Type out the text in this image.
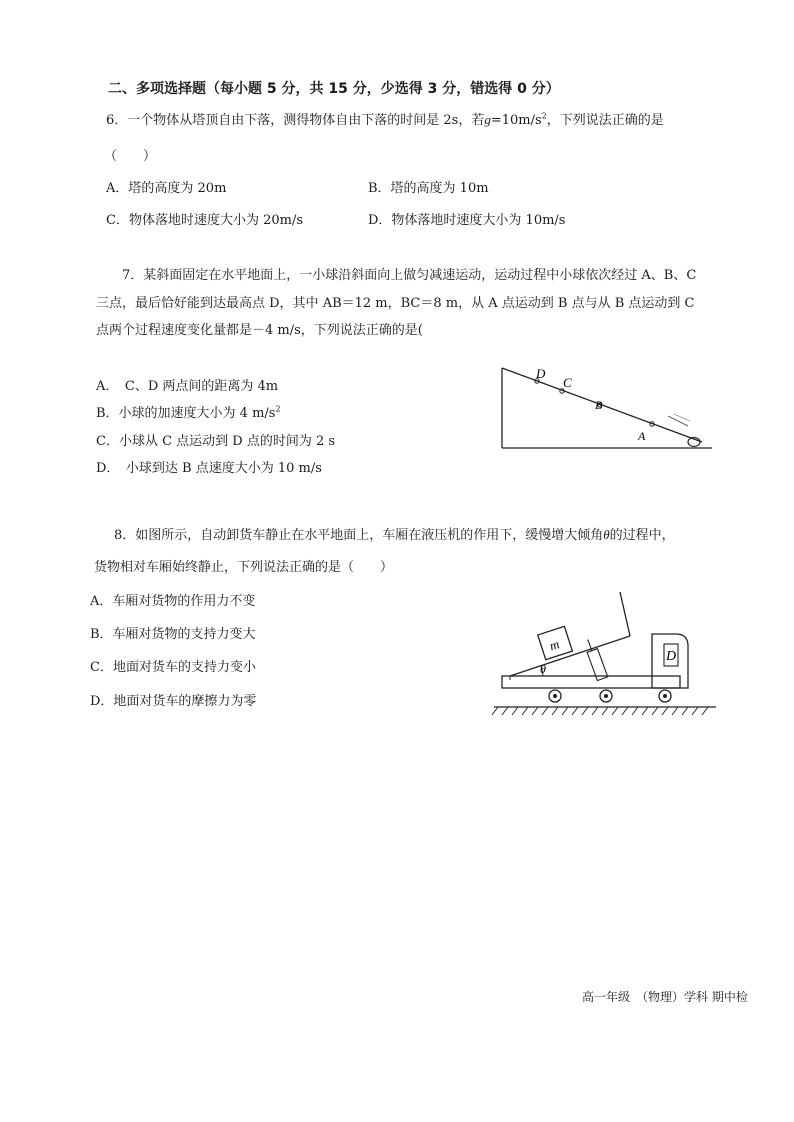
二、多项选择题（每小题 5 分，共 15 分，少选得 3 分，错选得 0 分）
6．一个物体从塔顶自由下落，测得物体自由下落的时间是 2s，若$g=10m/s^2$，下列说法正确的是
（　　）
A．塔的高度为 20m	B．塔的高度为 10m
C．物体落地时速度大小为 20m/s	D．物体落地时速度大小为 10m/s
7．某斜面固定在水平地面上，一小球沿斜面向上做匀减速运动，运动过程中小球依次经过 A、B、C
三点，最后恰好能到达最高点 D，其中 AB＝12 m，BC＝8 m，从 A 点运动到 B 点与从 B 点运动到 C
点两个过程速度变化量都是－4 m/s，下列说法正确的是(
A．　C、D 两点间的距离为 4m
B．小球的加速度大小为 4 $m/s^2$
C．小球从 C 点运动到 D 点的时间为 2 s
D．　小球到达 B 点速度大小为 10 m/s
D
C
B
A
8．如图所示，自动卸货车静止在水平地面上，车厢在液压机的作用下，缓慢增大倾角θ的过程中，
货物相对车厢始终静止，下列说法正确的是（　　）
A．车厢对货物的作用力不变
B．车厢对货物的支持力变大
C．地面对货车的支持力变小
D．地面对货车的摩擦力为零
D
θ
m
高一年级　（物理）学科 期中检
